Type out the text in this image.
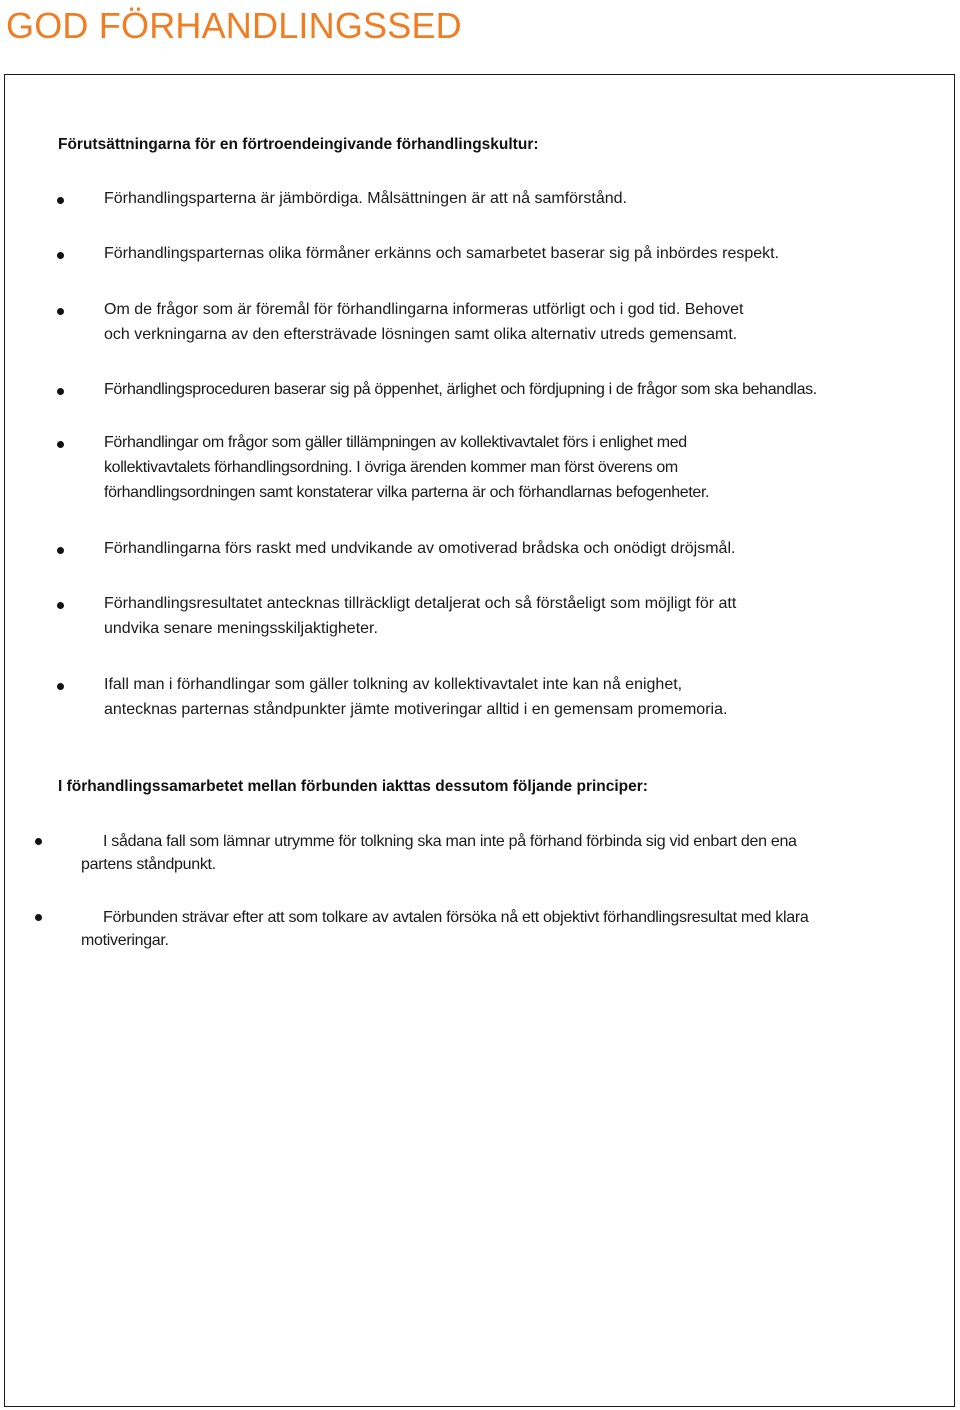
GOD FÖRHANDLINGSSED

Förutsättningarna för en förtroendeingivande förhandlingskultur:

Förhandlingsparterna är jämbördiga. Målsättningen är att nå samförstånd.

Förhandlingsparternas olika förmåner erkänns och samarbetet baserar sig på inbördes respekt.

Om de frågor som är föremål för förhandlingarna informeras utförligt och i god tid. Behovet
och verkningarna av den eftersträvade lösningen samt olika alternativ utreds gemensamt.

Förhandlingsproceduren baserar sig på öppenhet, ärlighet och fördjupning i de frågor som ska behandlas.

Förhandlingar om frågor som gäller tillämpningen av kollektivavtalet förs i enlighet med
kollektivavtalets förhandlingsordning. I övriga ärenden kommer man först överens om
förhandlingsordningen samt konstaterar vilka parterna är och förhandlarnas befogenheter.

Förhandlingarna förs raskt med undvikande av omotiverad brådska och onödigt dröjsmål.

Förhandlingsresultatet antecknas tillräckligt detaljerat och så förståeligt som möjligt för att
undvika senare meningsskiljaktigheter.

Ifall man i förhandlingar som gäller tolkning av kollektivavtalet inte kan nå enighet,
antecknas parternas ståndpunkter jämte motiveringar alltid i en gemensam promemoria.

I förhandlingssamarbetet mellan förbunden iakttas dessutom följande principer:

I sådana fall som lämnar utrymme för tolkning ska man inte på förhand förbinda sig vid enbart den ena
partens ståndpunkt.

Förbunden strävar efter att som tolkare av avtalen försöka nå ett objektivt förhandlingsresultat med klara
motiveringar.
